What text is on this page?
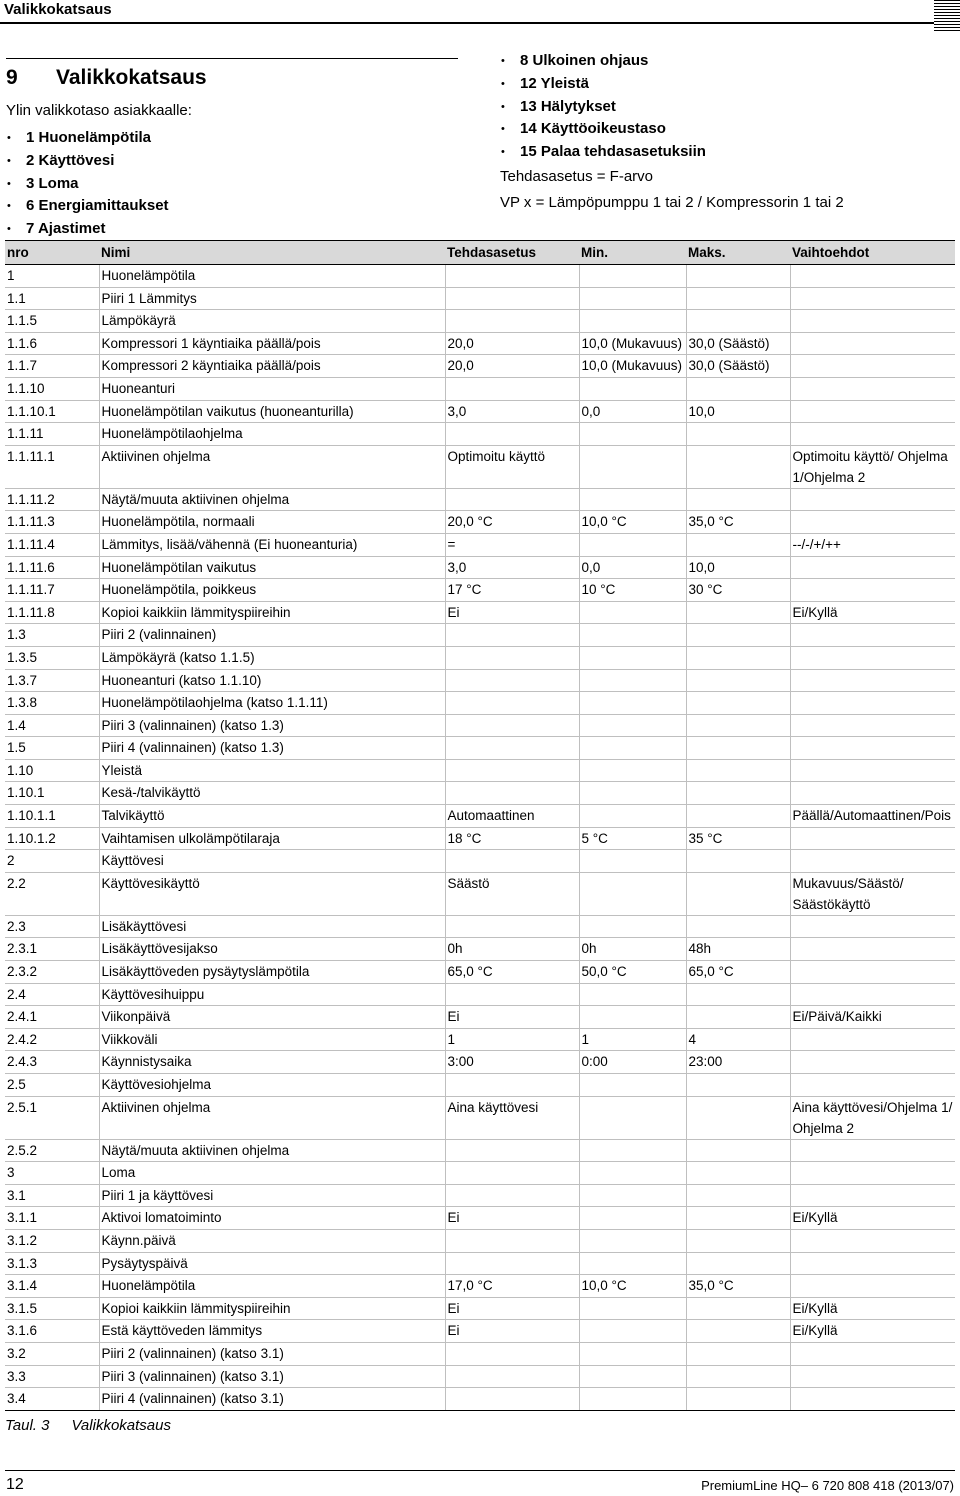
Valikkokatsaus
9 Valikkokatsaus
Ylin valikkotaso asiakkaalle:
• 1 Huonelämpötila
• 2 Käyttövesi
• 3 Loma
• 6 Energiamittaukset
• 7 Ajastimet
• 8 Ulkoinen ohjaus
• 12 Yleistä
• 13 Hälytykset
• 14 Käyttöoikeustaso
• 15 Palaa tehdasasetuksiin
Tehdasasetus = F-arvo
VP x = Lämpöpumppu 1 tai 2 / Kompressorin 1 tai 2
nro	Nimi	Tehdasasetus	Min.	Maks.	Vaihtoehdot
1	Huonelämpötila				
1.1	Piiri 1 Lämmitys				
1.1.5	Lämpökäyrä				
1.1.6	Kompressori 1 käyntiaika päällä/pois	20,0	10,0 (Mukavuus)	30,0 (Säästö)	
1.1.7	Kompressori 2 käyntiaika päällä/pois	20,0	10,0 (Mukavuus)	30,0 (Säästö)	
1.1.10	Huoneanturi				
1.1.10.1	Huonelämpötilan vaikutus (huoneanturilla)	3,0	0,0	10,0	
1.1.11	Huonelämpötilaohjelma				
1.1.11.1	Aktiivinen ohjelma	Optimoitu käyttö			Optimoitu käyttö/ Ohjelma 1/Ohjelma 2
1.1.11.2	Näytä/muuta aktiivinen ohjelma				
1.1.11.3	Huonelämpötila, normaali	20,0 °C	10,0 °C	35,0 °C	
1.1.11.4	Lämmitys, lisää/vähennä (Ei huoneanturia)	=			--/-/+/++
1.1.11.6	Huonelämpötilan vaikutus	3,0	0,0	10,0	
1.1.11.7	Huonelämpötila, poikkeus	17 °C	10 °C	30 °C	
1.1.11.8	Kopioi kaikkiin lämmityspiireihin	Ei			Ei/Kyllä
1.3	Piiri 2 (valinnainen)				
1.3.5	Lämpökäyrä (katso 1.1.5)				
1.3.7	Huoneanturi (katso 1.1.10)				
1.3.8	Huonelämpötilaohjelma (katso 1.1.11)				
1.4	Piiri 3 (valinnainen) (katso 1.3)				
1.5	Piiri 4 (valinnainen) (katso 1.3)				
1.10	Yleistä				
1.10.1	Kesä-/talvikäyttö				
1.10.1.1	Talvikäyttö	Automaattinen			Päällä/Automaattinen/Pois
1.10.1.2	Vaihtamisen ulkolämpötilaraja	18 °C	5 °C	35 °C	
2	Käyttövesi				
2.2	Käyttövesikäyttö	Säästö			Mukavuus/Säästö/ Säästökäyttö
2.3	Lisäkäyttövesi				
2.3.1	Lisäkäyttövesijakso	0h	0h	48h	
2.3.2	Lisäkäyttöveden pysäytyslämpötila	65,0 °C	50,0 °C	65,0 °C	
2.4	Käyttövesihuippu				
2.4.1	Viikonpäivä	Ei			Ei/Päivä/Kaikki
2.4.2	Viikkoväli	1	1	4	
2.4.3	Käynnistysaika	3:00	0:00	23:00	
2.5	Käyttövesiohjelma				
2.5.1	Aktiivinen ohjelma	Aina käyttövesi			Aina käyttövesi/Ohjelma 1/ Ohjelma 2
2.5.2	Näytä/muuta aktiivinen ohjelma				
3	Loma				
3.1	Piiri 1 ja käyttövesi				
3.1.1	Aktivoi lomatoiminto	Ei			Ei/Kyllä
3.1.2	Käynn.päivä				
3.1.3	Pysäytyspäivä				
3.1.4	Huonelämpötila	17,0 °C	10,0 °C	35,0 °C	
3.1.5	Kopioi kaikkiin lämmityspiireihin	Ei			Ei/Kyllä
3.1.6	Estä käyttöveden lämmitys	Ei			Ei/Kyllä
3.2	Piiri 2 (valinnainen) (katso 3.1)				
3.3	Piiri 3 (valinnainen) (katso 3.1)				
3.4	Piiri 4 (valinnainen) (katso 3.1)				
Taul. 3 Valikkokatsaus
12	PremiumLine HQ– 6 720 808 418 (2013/07)
